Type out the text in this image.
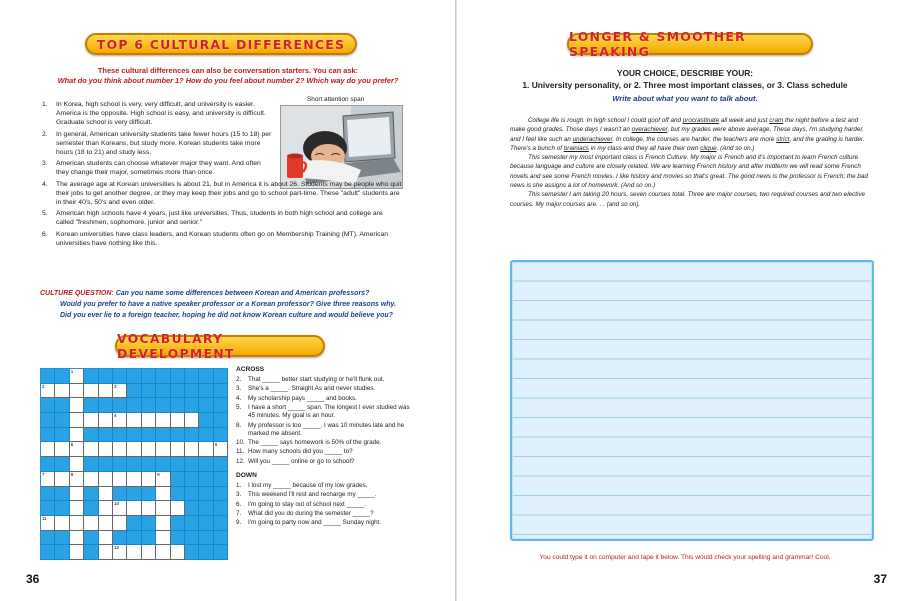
TOP 6 CULTURAL DIFFERENCES
These cultural differences can also be conversation starters. You can ask:
What do you think about number 1? How do you feel about number 2? Which way do you prefer?
Short attention span
1. In Korea, high school is very, very difficult, and university is easier. America is the opposite. High school is easy, and university is difficult. Graduate school is very difficult.
2. In general, American university students take fewer hours (15 to 18) per semester than Koreans, but study more. Korean students take more hours (18 to 21) and study less.
3. American students can choose whatever major they want. And often they change their major, sometimes more than once.
4. The average age at Korean universities is about 21, but in America it is about 26. Students may be people who quit their jobs to get another degree, or they may keep their jobs and go to school part-time. These "adult" students are in their 40's, 50's and even older.
5. American high schools have 4 years, just like universities. Thus, students in both high school and college are called "freshmen, sophomore, junior and senior."
6. Korean universities have class leaders, and Korean students often go on Membership Training (MT). American universities have nothing like this.
CULTURE QUESTION: Can you name some differences between Korean and American professors?
Would you prefer to have a native speaker professor or a Korean professor? Give three reasons why.
Did you ever lie to a foreign teacher, hoping he did not know Korean culture and would believe you?
VOCABULARY DEVELOPMENT
1
2	3
4
5	6
7	8	9
10
11
12
ACROSS
2. That _____ better start studying or he'll flunk out.
3. She's a _____. Straight As and never studies.
4. My scholarship pays _____ and books.
5. I have a short _____ span. The longest I ever studied was 45 minutes. My goal is an hour.
8. My professor is too _____. I was 10 minutes late and he marked me absent.
10. The _____ says homework is 50% of the grade.
11. How many schools did you _____ to?
12. Will you _____ online or go to school?
DOWN
1. I lost my _____ because of my low grades.
3. This weekend I'll rest and recharge my _____.
6. I'm going to stay out of school next _____.
7. What did you do during the semester _____?
9. I'm going to party now and _____ Sunday night.
36
LONGER & SMOOTHER SPEAKING
YOUR CHOICE, DESCRIBE YOUR:
1. University personality, or 2. Three most important classes, or 3. Class schedule
Write about what you want to talk about.

College life is rough. In high school I could goof off and procrastinate all week and just cram the night before a test and make good grades. Those days I wasn't an overachiever, but my grades were above average. These days, I'm studying harder, and I feel like such an underachiever. In college, the courses are harder, the teachers are more strict, and the grading is harder. There's a bunch of brainiacs in my class and they all have their own clique. (And so on.)

This semester my most important class is French Culture. My major is French and it's important to learn French culture because language and culture are closely related. We are learning French history and after midterm we will read some French novels and see some French movies. I like history and movies so that's great. The good news is the professor is French; the bad news is she assigns a lot of homework. (And so on.)

This semester I am taking 20 hours, seven courses total. Three are major courses, two required courses and two elective courses. My major courses are. . . (and so on).

You could type it on computer and tape it below. This would check your spelling and grammar! Cool.
37
